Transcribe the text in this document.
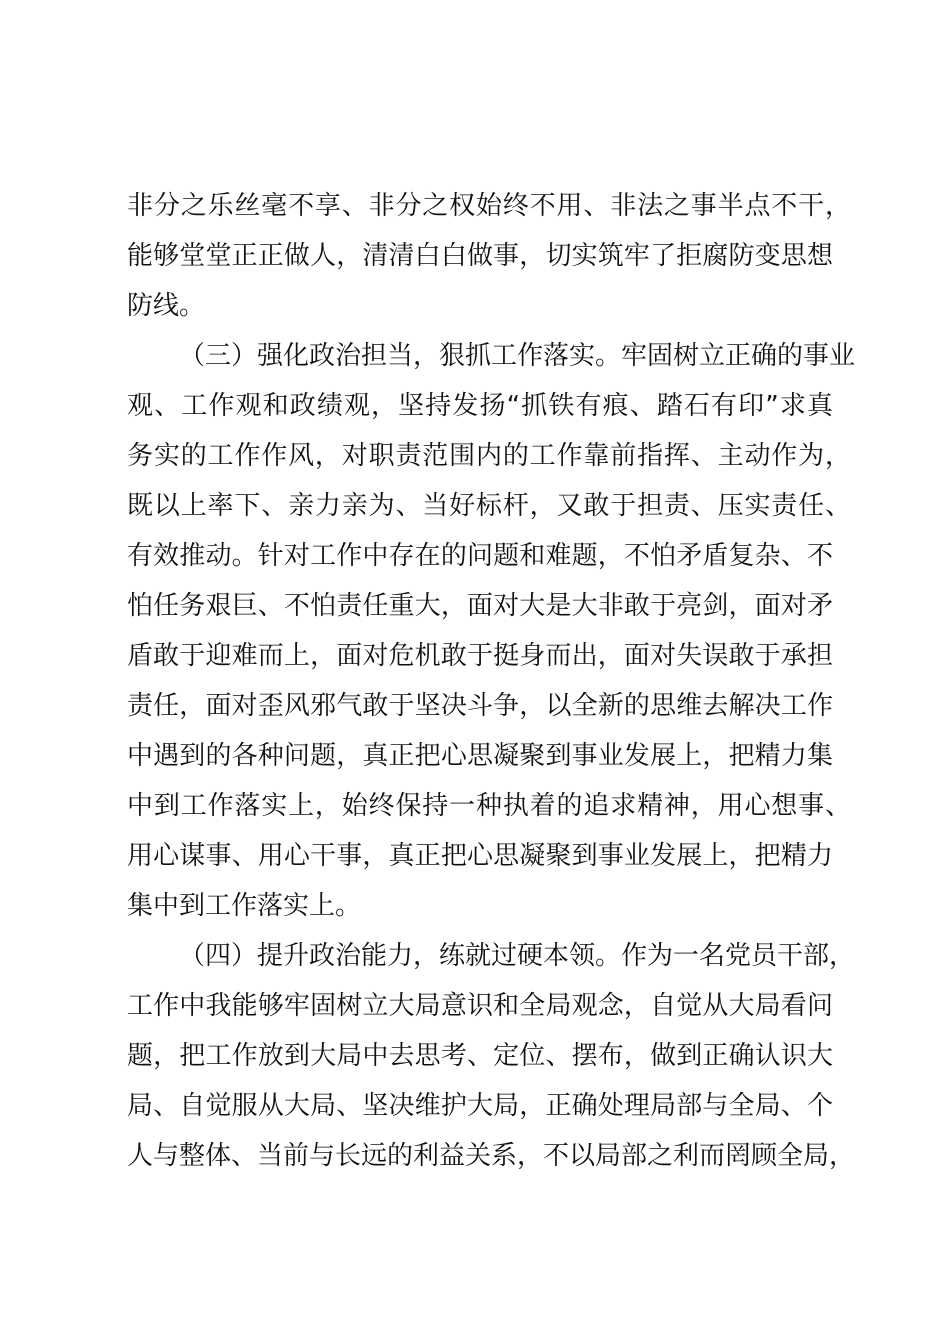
非分之乐丝毫不享、非分之权始终不用、非法之事半点不干，
能够堂堂正正做人，清清白白做事，切实筑牢了拒腐防变思想
防线。
（三）强化政治担当，狠抓工作落实。牢固树立正确的事业
观、工作观和政绩观，坚持发扬“抓铁有痕、踏石有印”求真
务实的工作作风，对职责范围内的工作靠前指挥、主动作为，
既以上率下、亲力亲为、当好标杆，又敢于担责、压实责任、
有效推动。针对工作中存在的问题和难题，不怕矛盾复杂、不
怕任务艰巨、不怕责任重大，面对大是大非敢于亮剑，面对矛
盾敢于迎难而上，面对危机敢于挺身而出，面对失误敢于承担
责任，面对歪风邪气敢于坚决斗争，以全新的思维去解决工作
中遇到的各种问题，真正把心思凝聚到事业发展上，把精力集
中到工作落实上，始终保持一种执着的追求精神，用心想事、
用心谋事、用心干事，真正把心思凝聚到事业发展上，把精力
集中到工作落实上。
（四）提升政治能力，练就过硬本领。作为一名党员干部，
工作中我能够牢固树立大局意识和全局观念，自觉从大局看问
题，把工作放到大局中去思考、定位、摆布，做到正确认识大
局、自觉服从大局、坚决维护大局，正确处理局部与全局、个
人与整体、当前与长远的利益关系，不以局部之利而罔顾全局，
